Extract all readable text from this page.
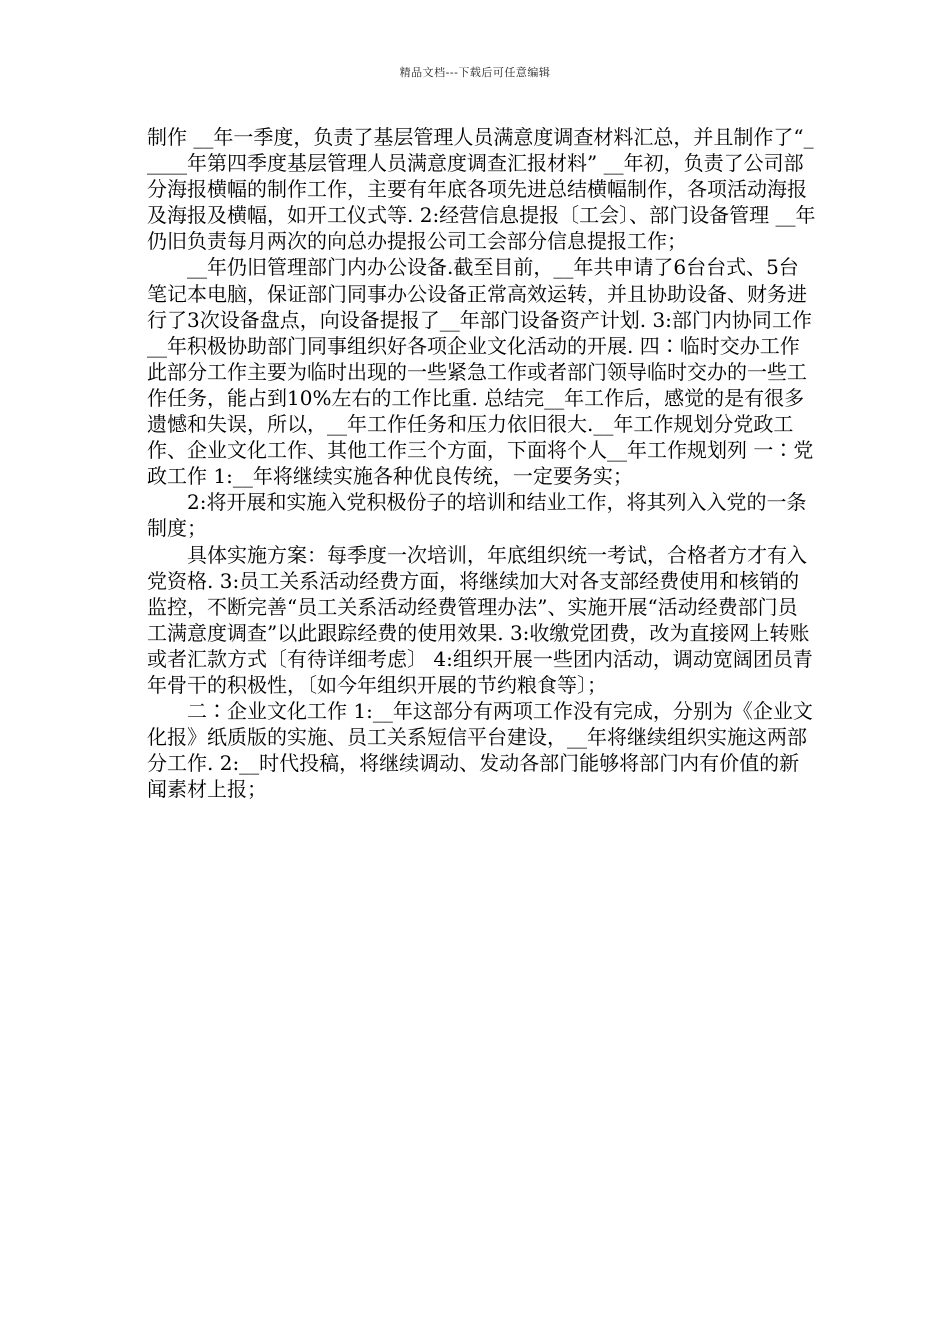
精品文档---下载后可任意编辑

制作 __年一季度，负责了基层管理人员满意度调查材料汇总，并且制作了“_____年第四季度基层管理人员满意度调查汇报材料” __年初，负责了公司部分海报横幅的制作工作，主要有年底各项先进总结横幅制作，各项活动海报及海报及横幅，如开工仪式等. 2:经营信息提报〔工会〕、部门设备管理 __年仍旧负责每月两次的向总办提报公司工会部分信息提报工作；

__年仍旧管理部门内办公设备.截至目前，__年共申请了6台台式、5台笔记本电脑，保证部门同事办公设备正常高效运转，并且协助设备、财务进行了3次设备盘点，向设备提报了__年部门设备资产计划. 3:部门内协同工作 __年积极协助部门同事组织好各项企业文化活动的开展. 四∶临时交办工作 此部分工作主要为临时出现的一些紧急工作或者部门领导临时交办的一些工作任务，能占到10%左右的工作比重. 总结完__年工作后，感觉的是有很多遗憾和失误，所以，__年工作任务和压力依旧很大.__年工作规划分党政工作、企业文化工作、其他工作三个方面，下面将个人__年工作规划列 一∶党政工作 1:__年将继续实施各种优良传统，一定要务实；

2:将开展和实施入党积极份子的培训和结业工作，将其列入入党的一条制度；

具体实施方案：每季度一次培训，年底组织统一考试，合格者方才有入党资格. 3:员工关系活动经费方面，将继续加大对各支部经费使用和核销的监控，不断完善“员工关系活动经费管理办法”、实施开展“活动经费部门员工满意度调查”以此跟踪经费的使用效果. 3:收缴党团费，改为直接网上转账或者汇款方式〔有待详细考虑〕 4:组织开展一些团内活动，调动宽阔团员青年骨干的积极性，〔如今年组织开展的节约粮食等〕；

二∶企业文化工作 1:__年这部分有两项工作没有完成，分别为《企业文化报》纸质版的实施、员工关系短信平台建设，__年将继续组织实施这两部分工作. 2:__时代投稿，将继续调动、发动各部门能够将部门内有价值的新闻素材上报；
